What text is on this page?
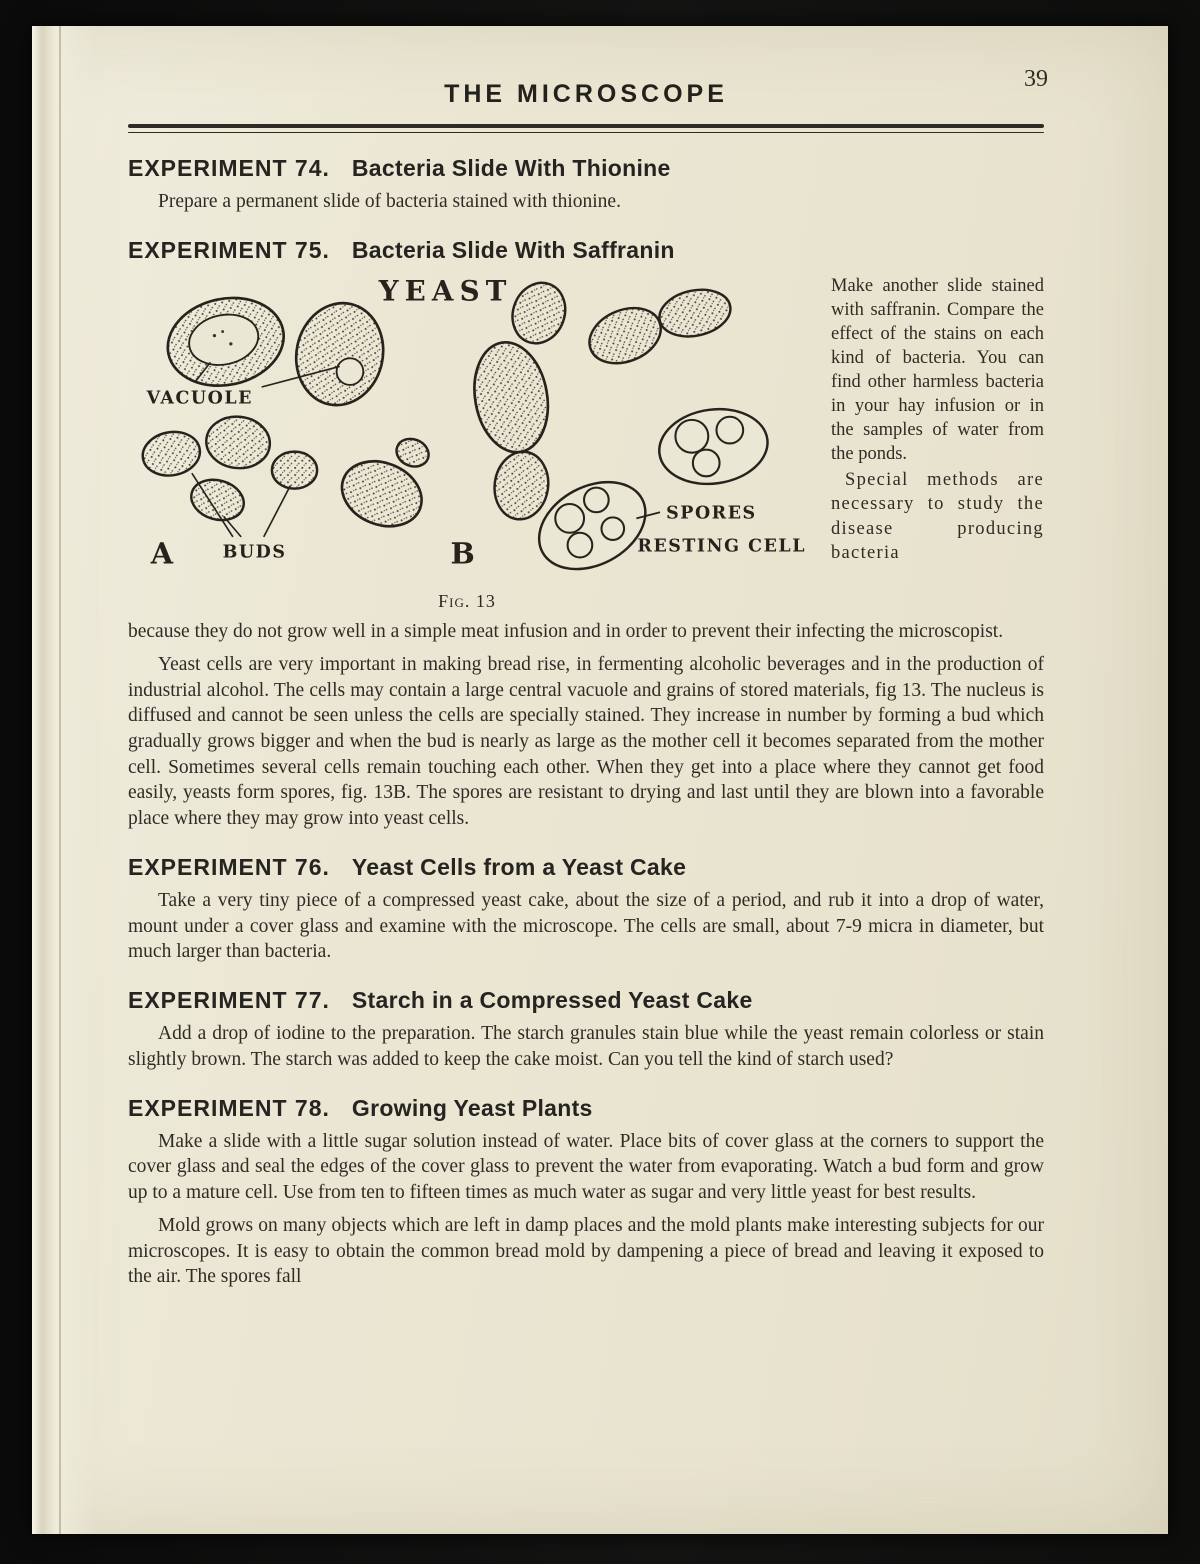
THE MICROSCOPE
39
EXPERIMENT 74. Bacteria Slide With Thionine

Prepare a permanent slide of bacteria stained with thionine.

EXPERIMENT 75. Bacteria Slide With Saffranin
YEAST
VACUOLE
BUDS
A	B
SPORES
RESTING CELLS
Fig. 13

Make another slide stained with saffranin. Compare the effect of the stains on each kind of bacteria. You can find other harmless bacteria in your hay infusion or in the samples of water from the ponds.

Special methods are necessary to study the disease producing bacteria

because they do not grow well in a simple meat infusion and in order to prevent their infecting the microscopist.

Yeast cells are very important in making bread rise, in fermenting alcoholic beverages and in the production of industrial alcohol. The cells may contain a large central vacuole and grains of stored materials, fig 13. The nucleus is diffused and cannot be seen unless the cells are specially stained. They increase in number by forming a bud which gradually grows bigger and when the bud is nearly as large as the mother cell it becomes separated from the mother cell. Sometimes several cells remain touching each other. When they get into a place where they cannot get food easily, yeasts form spores, fig. 13B. The spores are resistant to drying and last until they are blown into a favorable place where they may grow into yeast cells.

EXPERIMENT 76. Yeast Cells from a Yeast Cake

Take a very tiny piece of a compressed yeast cake, about the size of a period, and rub it into a drop of water, mount under a cover glass and examine with the microscope. The cells are small, about 7-9 micra in diameter, but much larger than bacteria.

EXPERIMENT 77. Starch in a Compressed Yeast Cake

Add a drop of iodine to the preparation. The starch granules stain blue while the yeast remain colorless or stain slightly brown. The starch was added to keep the cake moist. Can you tell the kind of starch used?

EXPERIMENT 78. Growing Yeast Plants

Make a slide with a little sugar solution instead of water. Place bits of cover glass at the corners to support the cover glass and seal the edges of the cover glass to prevent the water from evaporating. Watch a bud form and grow up to a mature cell. Use from ten to fifteen times as much water as sugar and very little yeast for best results.

Mold grows on many objects which are left in damp places and the mold plants make interesting subjects for our microscopes. It is easy to obtain the common bread mold by dampening a piece of bread and leaving it exposed to the air. The spores fall
